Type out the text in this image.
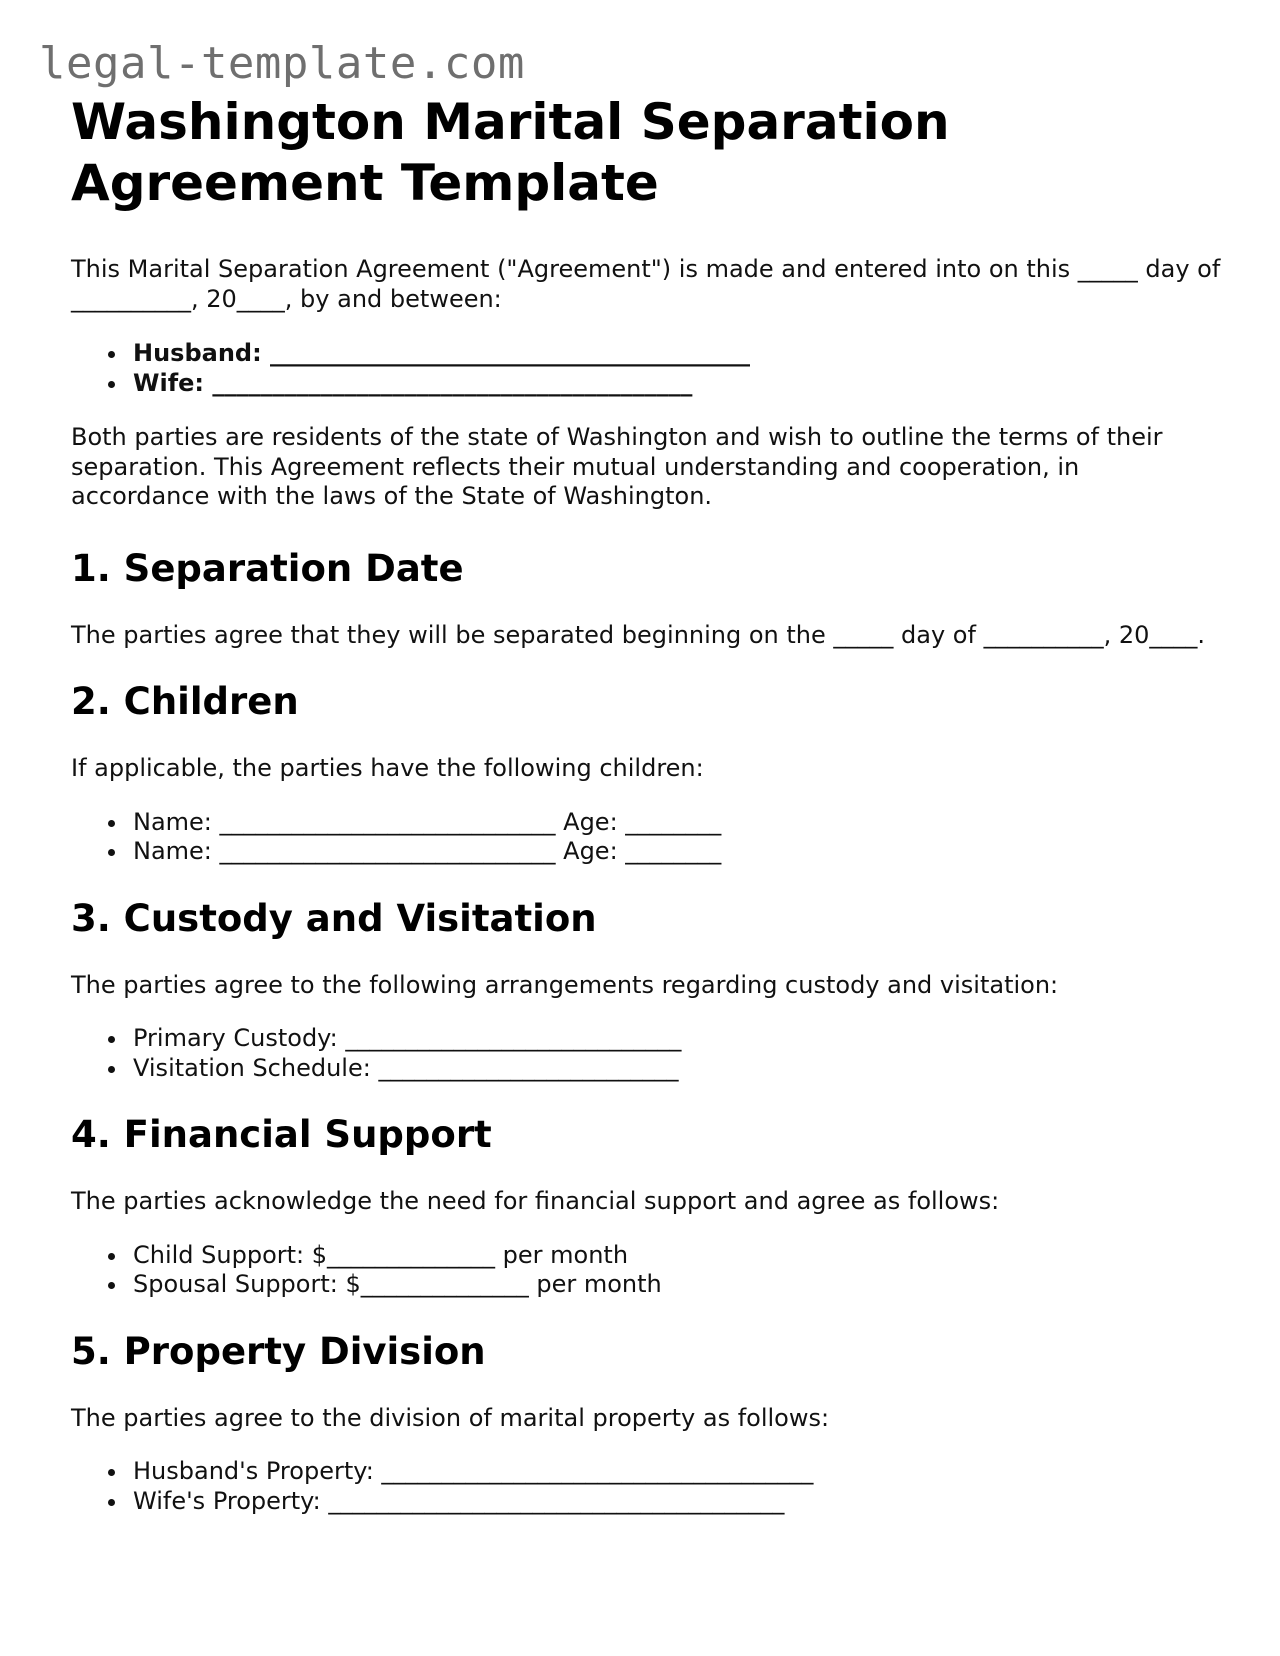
legal-template.com
Washington Marital Separation Agreement Template

This Marital Separation Agreement ("Agreement") is made and entered into on this _____ day of __________, 20____, by and between:

Husband: ________________________________________
Wife: ________________________________________

Both parties are residents of the state of Washington and wish to outline the terms of their separation. This Agreement reflects their mutual understanding and cooperation, in accordance with the laws of the State of Washington.

1. Separation Date

The parties agree that they will be separated beginning on the _____ day of __________, 20____.

2. Children

If applicable, the parties have the following children:

Name: ____________________________ Age: ________
Name: ____________________________ Age: ________
3. Custody and Visitation

The parties agree to the following arrangements regarding custody and visitation:

Primary Custody: ____________________________
Visitation Schedule: _________________________
4. Financial Support

The parties acknowledge the need for financial support and agree as follows:

Child Support: $______________ per month
Spousal Support: $______________ per month
5. Property Division

The parties agree to the division of marital property as follows:

Husband's Property: ____________________________________
Wife's Property: ______________________________________
